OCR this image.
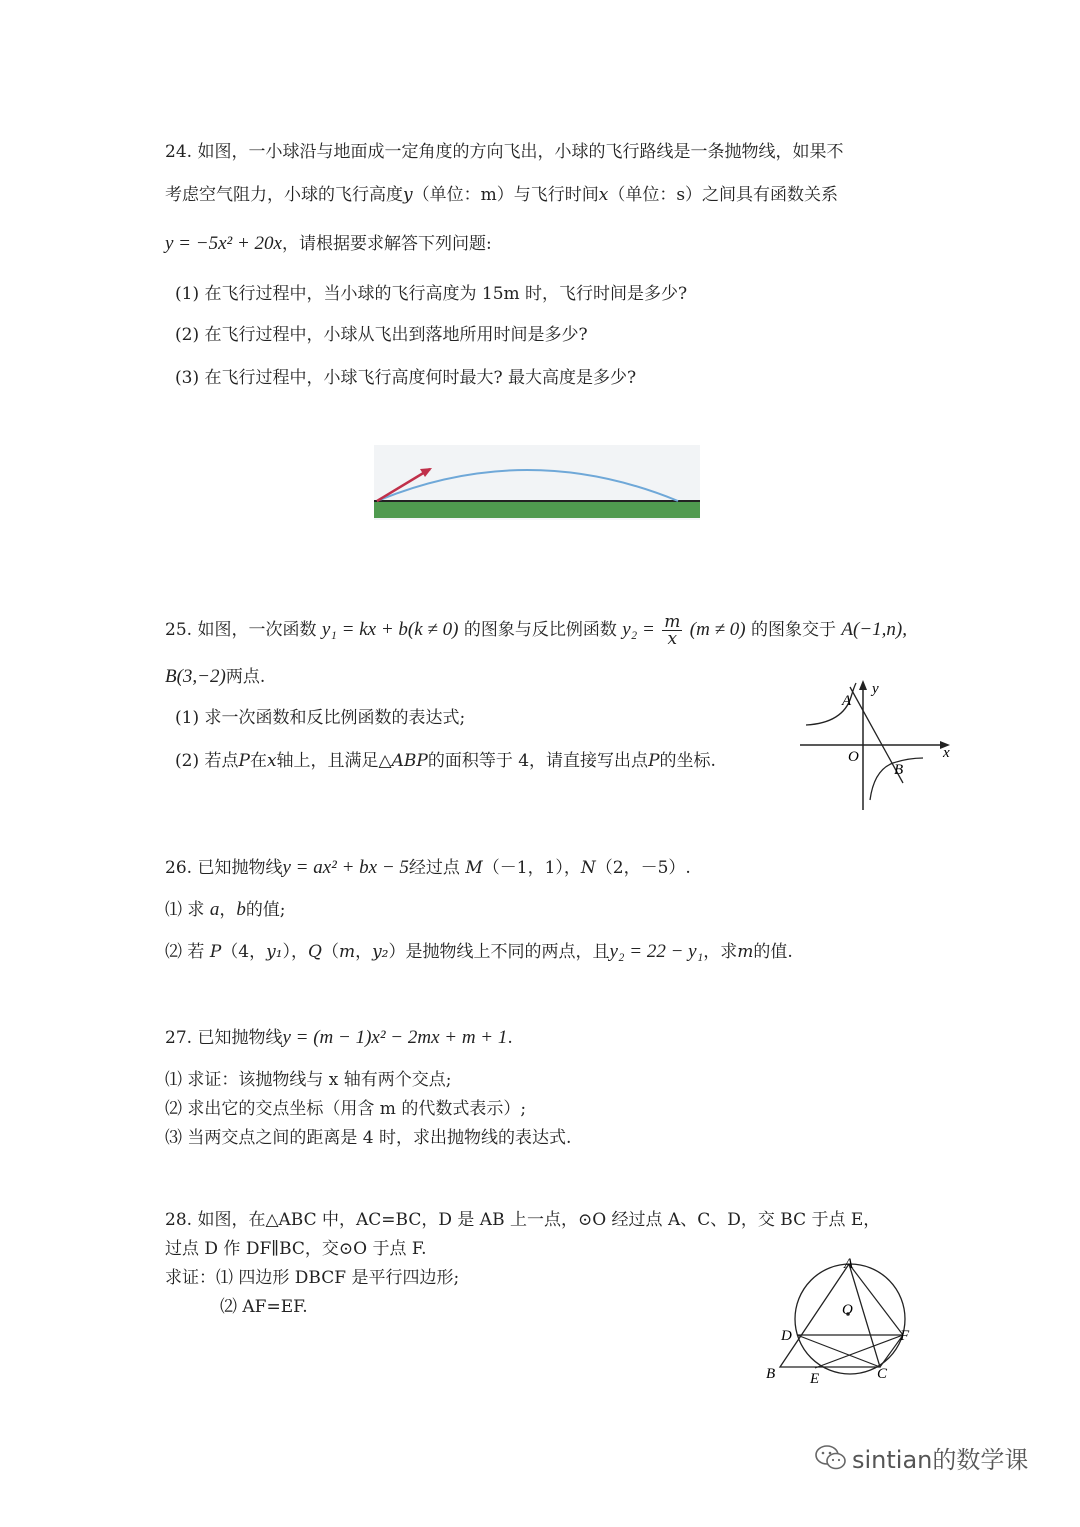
24. 如图，一小球沿与地面成一定角度的方向飞出，小球的飞行路线是一条抛物线，如果不
考虑空气阻力，小球的飞行高度y（单位：m）与飞行时间x（单位：s）之间具有函数关系
y = −5x² + 20x，请根据要求解答下列问题:
(1) 在飞行过程中，当小球的飞行高度为 15m 时，飞行时间是多少?
(2) 在飞行过程中，小球从飞出到落地所用时间是多少?
(3) 在飞行过程中，小球飞行高度何时最大? 最大高度是多少?
25. 如图，一次函数 y₁ = kx + b(k ≠ 0) 的图象与反比例函数 $y_2 = \frac{m}{x} (m \ne 0)$ 的图象交于 A(−1,n),
B(3,−2)两点.
(1) 求一次函数和反比例函数的表达式;
(2) 若点P在x轴上，且满足△ABP的面积等于 4，请直接写出点P的坐标.
A
y
x
O
B
26. 已知抛物线y = ax² + bx − 5经过点 M（－1，1），N（2，－5）.
⑴ 求 a，b的值;
⑵ 若 P（4，y₁），Q（m，y₂）是抛物线上不同的两点，且y₂ = 22 − y₁，求m的值.
27. 已知抛物线y = (m − 1)x² − 2mx + m + 1.
⑴ 求证：该抛物线与 x 轴有两个交点;
⑵ 求出它的交点坐标（用含 m 的代数式表示）;
⑶ 当两交点之间的距离是 4 时，求出抛物线的表达式.
28. 如图，在△ABC 中，AC=BC，D 是 AB 上一点，⊙O 经过点 A、C、D，交 BC 于点 E，
过点 D 作 DF∥BC，交⊙O 于点 F.
求证：⑴ 四边形 DBCF 是平行四边形;
⑵ AF=EF.
A
O
D	F
B E	C
sintian的数学课
